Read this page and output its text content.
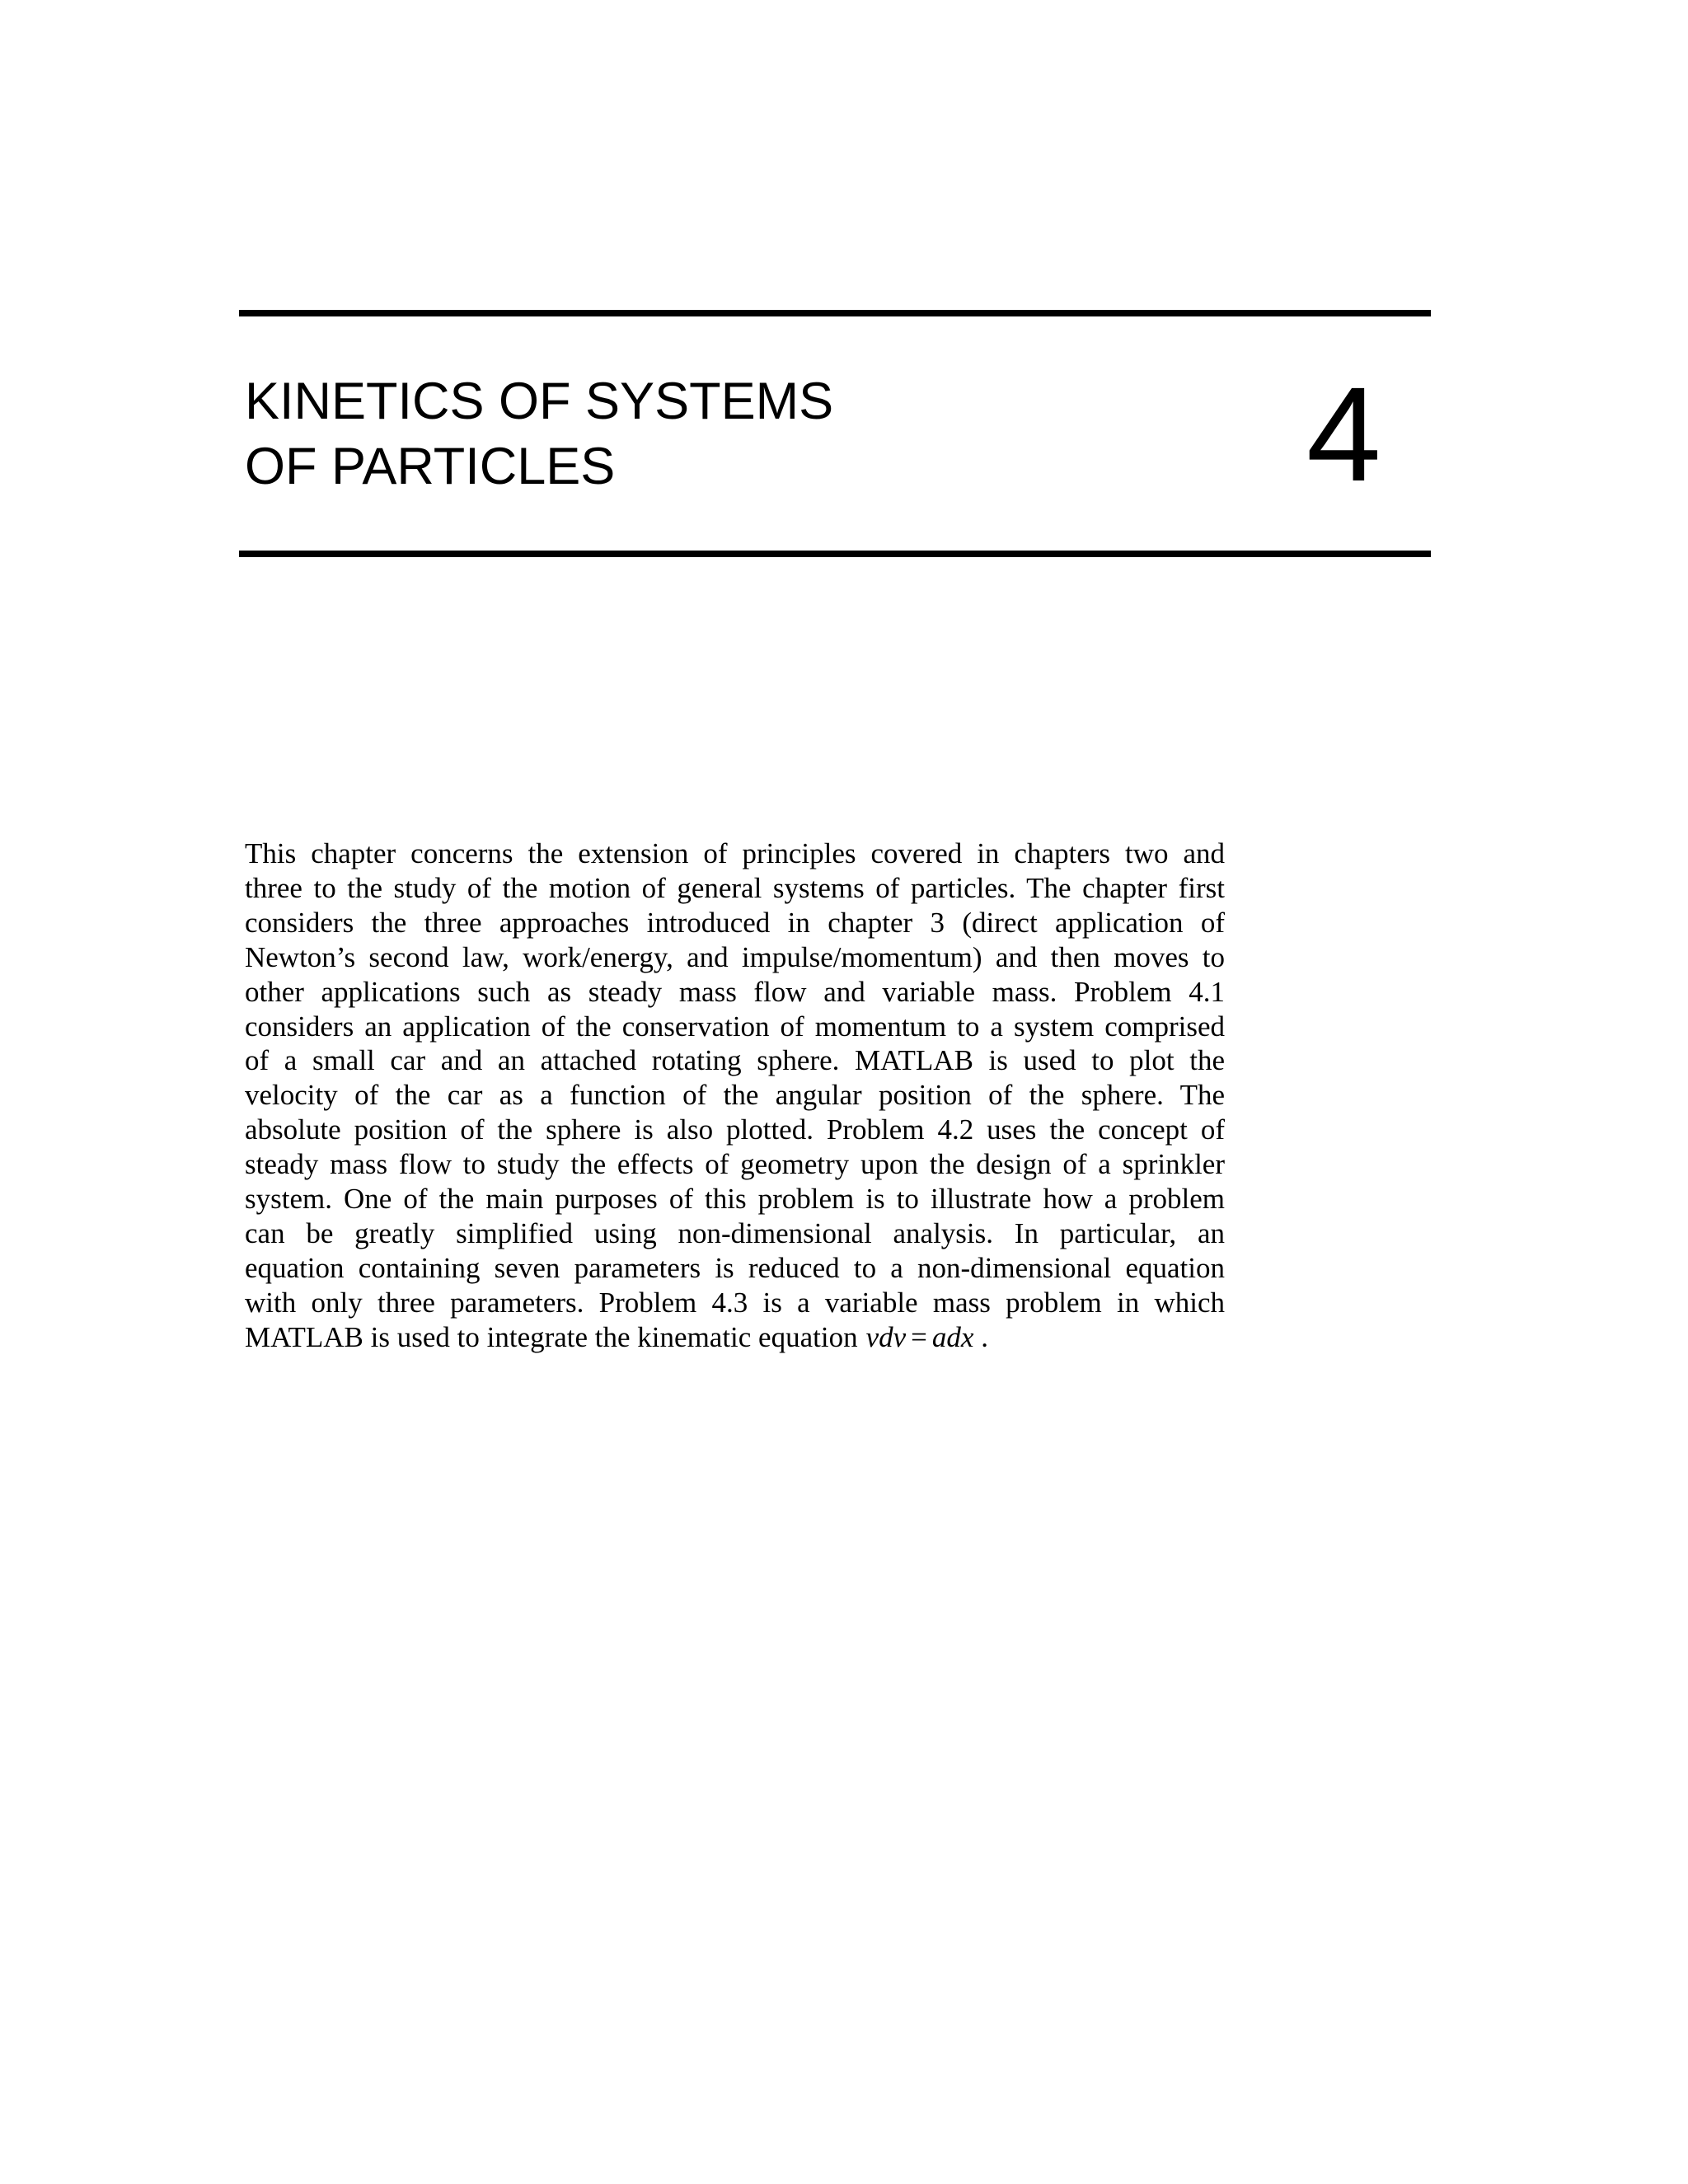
KINETICS OF SYSTEMS
OF PARTICLES	4

This chapter concerns the extension of principles covered in chapters two and
three to the study of the motion of general systems of particles. The chapter first
considers the three approaches introduced in chapter 3 (direct application of
Newton’s second law, work/energy, and impulse/momentum) and then moves to
other applications such as steady mass flow and variable mass. Problem 4.1
considers an application of the conservation of momentum to a system comprised
of a small car and an attached rotating sphere. MATLAB is used to plot the
velocity of the car as a function of the angular position of the sphere. The
absolute position of the sphere is also plotted. Problem 4.2 uses the concept of
steady mass flow to study the effects of geometry upon the design of a sprinkler
system. One of the main purposes of this problem is to illustrate how a problem
can be greatly simplified using non-dimensional analysis. In particular, an
equation containing seven parameters is reduced to a non-dimensional equation
with only three parameters. Problem 4.3 is a variable mass problem in which
MATLAB is used to integrate the kinematic equation vdv = adx .
